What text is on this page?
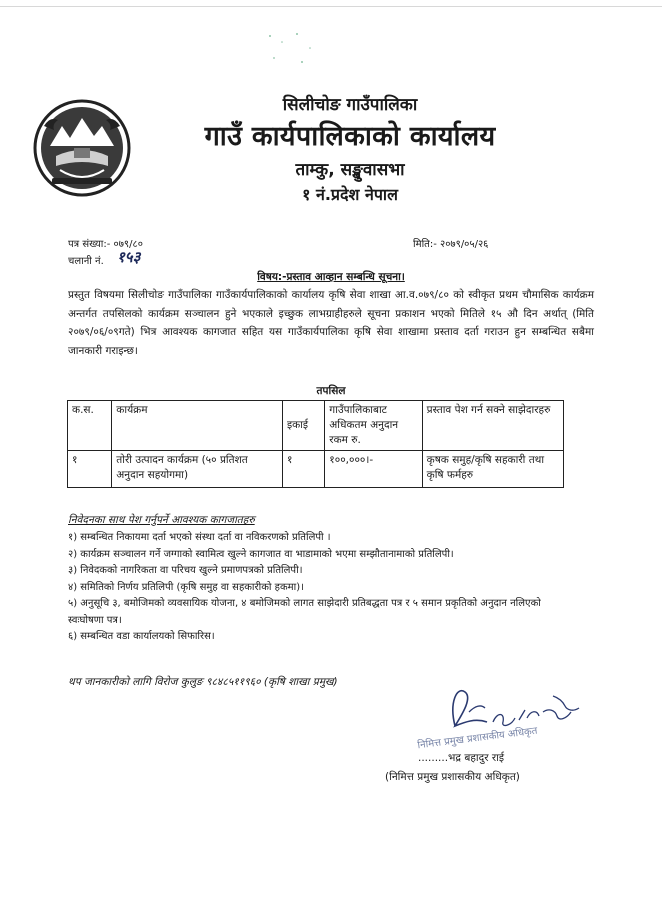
सिलीचोङ गाउँपालिका
गाउँ कार्यपालिकाको कार्यालय
ताम्कु, सङ्खुवासभा
१ नं.प्रदेश नेपाल
पत्र संख्या:- ०७९/८०	मिति:- २०७९/०५/२६
चलानी नं. १५३
विषय:-प्रस्ताव आव्हान सम्बन्धि सूचना।
प्रस्तुत विषयमा सिलीचोङ गाउँपालिका गाउँकार्यपालिकाको कार्यालय कृषि सेवा शाखा आ.व.०७९/८० को स्वीकृत प्रथम चौमासिक कार्यक्रम अन्तर्गत तपसिलको कार्यक्रम सञ्चालन हुने भएकाले इच्छुक लाभग्राहीहरुले सूचना प्रकाशन भएको मितिले १५ औ दिन अर्थात् (मिति २०७९/०६/०९गते) भित्र आवश्यक कागजात सहित यस गाउँकार्यपालिका कृषि सेवा शाखामा प्रस्ताव दर्ता गराउन हुन सम्बन्धित सबैमा जानकारी गराइन्छ।
तपसिल
क.स.	कार्यक्रम	इकाई	गाउँपालिकाबाट अधिकतम अनुदान रकम रु.	प्रस्ताव पेश गर्न सक्ने साझेदारहरु
१	तोरी उत्पादन कार्यक्रम (५० प्रतिशत अनुदान सहयोगमा)	१	१००,०००।-	कृषक समुह/कृषि सहकारी तथा कृषि फर्महरु
निवेदनका साथ पेश गर्नुपर्ने आवश्यक कागजातहरु
१) सम्बन्धित निकायमा दर्ता भएको संस्था दर्ता वा नविकरणको प्रतिलिपी ।
२) कार्यक्रम सञ्चालन गर्ने जग्गाको स्वामित्व खुल्ने कागजात वा भाडामाको भएमा सम्झौतानामाको प्रतिलिपी।
३) निवेदकको नागरिकता वा परिचय खुल्ने प्रमाणपत्रको प्रतिलिपी।
४) समितिको निर्णय प्रतिलिपी (कृषि समुह वा सहकारीको हकमा)।
५) अनुसूचि ३, बमोजिमको व्यवसायिक योजना, ४ बमोजिमको लागत साझेदारी प्रतिबद्धता पत्र र ५ समान प्रकृतिको अनुदान नलिएको स्वःघोषणा पत्र।
६) सम्बन्धित वडा कार्यालयको सिफारिस।
थप जानकारीको लागि विरोज कुलुङ ९८४८५११९६० (कृषि शाखा प्रमुख)
निमित्त प्रमुख प्रशासकीय अधिकृत
.........भद्र बहादुर राई
(निमित्त प्रमुख प्रशासकीय अधिकृत)
